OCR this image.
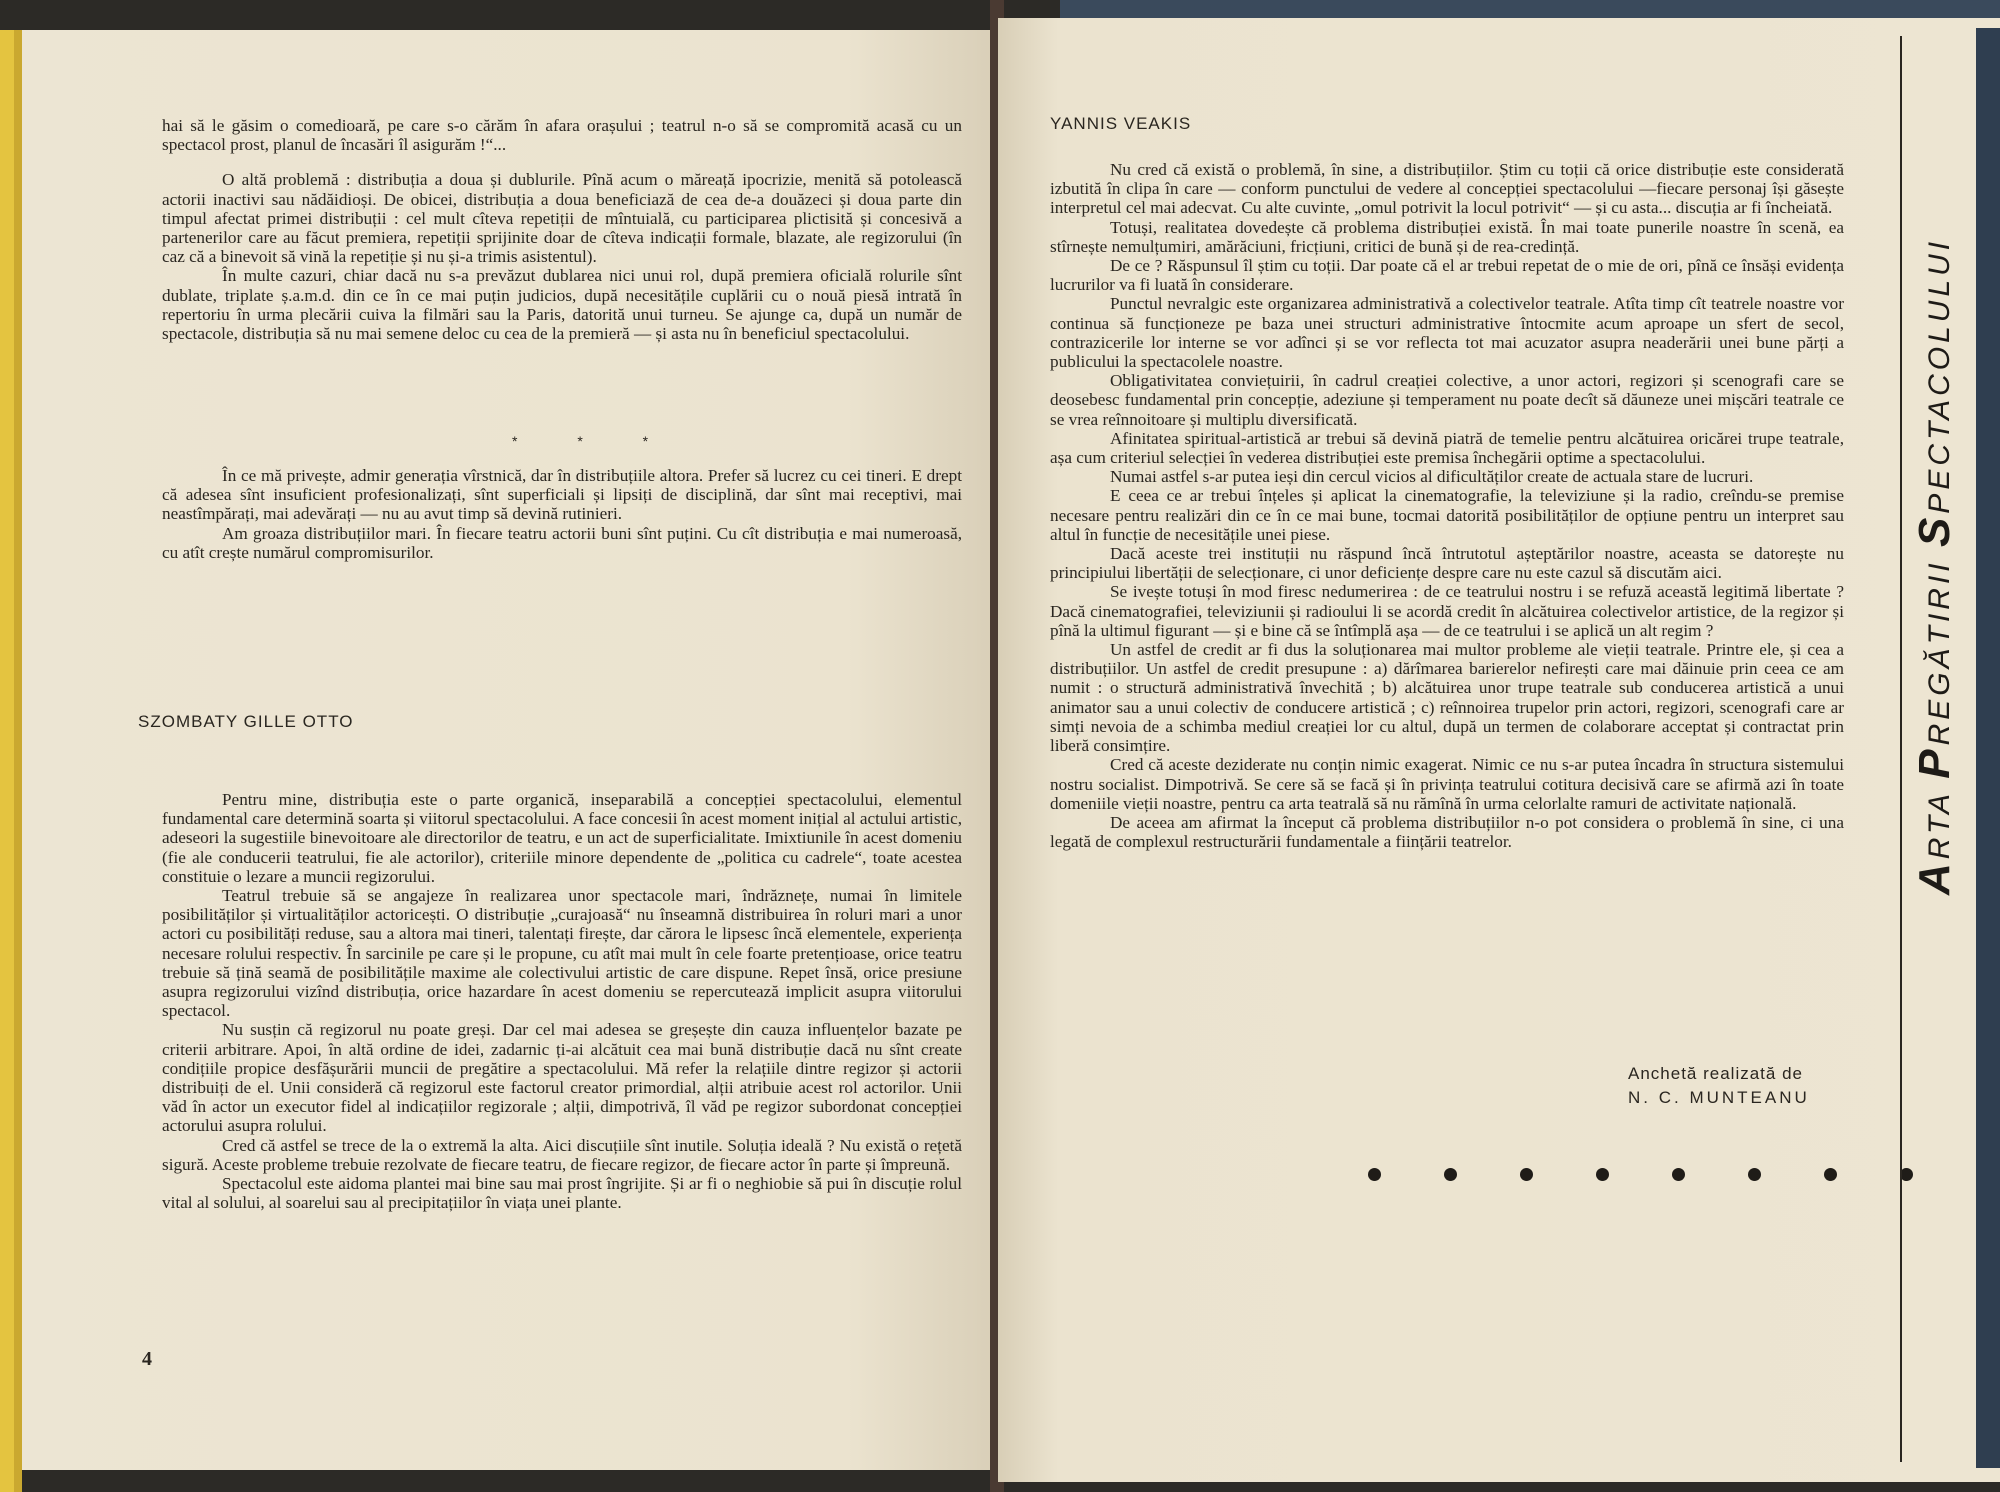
hai să le găsim o comedioară, pe care s-o cărăm în afara orașului ; teatrul n-o să se compromită acasă cu un spectacol prost, planul de încasări îl asigurăm !“...

O altă problemă : distribuția a doua și dublurile. Pînă acum o măreață ipocrizie, menită să potolească actorii inactivi sau nădăidioși. De obicei, distribuția a doua beneficiază de cea de-a douăzeci și doua parte din timpul afectat primei distribuții : cel mult cîteva repetiții de mîntuială, cu participarea plictisită și concesivă a partenerilor care au făcut premiera, repetiții sprijinite doar de cîteva indicații formale, blazate, ale regizorului (în caz că a binevoit să vină la repetiție și nu și-a trimis asistentul).

În multe cazuri, chiar dacă nu s-a prevăzut dublarea nici unui rol, după premiera oficială rolurile sînt dublate, triplate ș.a.m.d. din ce în ce mai puțin judicios, după necesitățile cuplării cu o nouă piesă intrată în repertoriu în urma plecării cuiva la filmări sau la Paris, datorită unui turneu. Se ajunge ca, după un număr de spectacole, distribuția să nu mai semene deloc cu cea de la premieră — și asta nu în beneficiul spectacolului.

* * *

În ce mă privește, admir generația vîrstnică, dar în distribuțiile altora. Prefer să lucrez cu cei tineri. E drept că adesea sînt insuficient profesionalizați, sînt superficiali și lipsiți de disciplină, dar sînt mai receptivi, mai neastîmpărați, mai adevărați — nu au avut timp să devină rutinieri.

Am groaza distribuțiilor mari. În fiecare teatru actorii buni sînt puțini. Cu cît distribuția e mai numeroasă, cu atît crește numărul compromisurilor.

SZOMBATY GILLE OTTO

Pentru mine, distribuția este o parte organică, inseparabilă a concepției spectacolului, elementul fundamental care determină soarta și viitorul spectacolului. A face concesii în acest moment inițial al actului artistic, adeseori la sugestiile binevoitoare ale directorilor de teatru, e un act de superficialitate. Imixtiunile în acest domeniu (fie ale conducerii teatrului, fie ale actorilor), criteriile minore dependente de „politica cu cadrele“, toate acestea constituie o lezare a muncii regizorului.

Teatrul trebuie să se angajeze în realizarea unor spectacole mari, îndrăznețe, numai în limitele posibilităților și virtualităților actoricești. O distribuție „curajoasă“ nu înseamnă distribuirea în roluri mari a unor actori cu posibilități reduse, sau a altora mai tineri, talentați firește, dar cărora le lipsesc încă elementele, experiența necesare rolului respectiv. În sarcinile pe care și le propune, cu atît mai mult în cele foarte pretențioase, orice teatru trebuie să țină seamă de posibilitățile maxime ale colectivului artistic de care dispune. Repet însă, orice presiune asupra regizorului vizînd distribuția, orice hazardare în acest domeniu se repercutează implicit asupra viitorului spectacol.

Nu susțin că regizorul nu poate greși. Dar cel mai adesea se greșește din cauza influențelor bazate pe criterii arbitrare. Apoi, în altă ordine de idei, zadarnic ți-ai alcătuit cea mai bună distribuție dacă nu sînt create condițiile propice desfășurării muncii de pregătire a spectacolului. Mă refer la relațiile dintre regizor și actorii distribuiți de el. Unii consideră că regizorul este factorul creator primordial, alții atribuie acest rol actorilor. Unii văd în actor un executor fidel al indicațiilor regizorale ; alții, dimpotrivă, îl văd pe regizor subordonat concepției actorului asupra rolului.

Cred că astfel se trece de la o extremă la alta. Aici discuțiile sînt inutile. Soluția ideală ? Nu există o rețetă sigură. Aceste probleme trebuie rezolvate de fiecare teatru, de fiecare regizor, de fiecare actor în parte și împreună.

Spectacolul este aidoma plantei mai bine sau mai prost îngrijite. Și ar fi o neghiobie să pui în discuție rolul vital al solului, al soarelui sau al precipitațiilor în viața unei plante.

4
YANNIS VEAKIS

Nu cred că există o problemă, în sine, a distribuțiilor. Știm cu toții că orice distribuție este considerată izbutită în clipa în care — conform punctului de vedere al concepției spectacolului —fiecare personaj își găsește interpretul cel mai adecvat. Cu alte cuvinte, „omul potrivit la locul potrivit“ — și cu asta... discuția ar fi încheiată.

Totuși, realitatea dovedește că problema distribuției există. În mai toate punerile noastre în scenă, ea stîrnește nemulțumiri, amărăciuni, fricțiuni, critici de bună și de rea-credință.

De ce ? Răspunsul îl știm cu toții. Dar poate că el ar trebui repetat de o mie de ori, pînă ce însăși evidența lucrurilor va fi luată în considerare.

Punctul nevralgic este organizarea administrativă a colectivelor teatrale. Atîta timp cît teatrele noastre vor continua să funcționeze pe baza unei structuri administrative întocmite acum aproape un sfert de secol, contrazicerile lor interne se vor adînci și se vor reflecta tot mai acuzator asupra neaderării unei bune părți a publicului la spectacolele noastre.

Obligativitatea conviețuirii, în cadrul creației colective, a unor actori, regizori și scenografi care se deosebesc fundamental prin concepție, adeziune și temperament nu poate decît să dăuneze unei mișcări teatrale ce se vrea reînnoitoare și multiplu diversificată.

Afinitatea spiritual-artistică ar trebui să devină piatră de temelie pentru alcătuirea oricărei trupe teatrale, așa cum criteriul selecției în vederea distribuției este premisa închegării optime a spectacolului.

Numai astfel s-ar putea ieși din cercul vicios al dificultăților create de actuala stare de lucruri.

E ceea ce ar trebui înțeles și aplicat la cinematografie, la televiziune și la radio, creîndu-se premise necesare pentru realizări din ce în ce mai bune, tocmai datorită posibilităților de opțiune pentru un interpret sau altul în funcție de necesitățile unei piese.

Dacă aceste trei instituții nu răspund încă întrutotul așteptărilor noastre, aceasta se datorește nu principiului libertății de selecționare, ci unor deficiențe despre care nu este cazul să discutăm aici.

Se ivește totuși în mod firesc nedumerirea : de ce teatrului nostru i se refuză această legitimă libertate ? Dacă cinematografiei, televiziunii și radioului li se acordă credit în alcătuirea colectivelor artistice, de la regizor și pînă la ultimul figurant — și e bine că se întîmplă așa — de ce teatrului i se aplică un alt regim ?

Un astfel de credit ar fi dus la soluționarea mai multor probleme ale vieții teatrale. Printre ele, și cea a distribuțiilor. Un astfel de credit presupune : a) dărîmarea barierelor nefirești care mai dăinuie prin ceea ce am numit : o structură administrativă învechită ; b) alcătuirea unor trupe teatrale sub conducerea artistică a unui animator sau a unui colectiv de conducere artistică ; c) reînnoirea trupelor prin actori, regizori, scenografi care ar simți nevoia de a schimba mediul creației lor cu altul, după un termen de colaborare acceptat și contractat prin liberă consimțire.

Cred că aceste deziderate nu conțin nimic exagerat. Nimic ce nu s-ar putea încadra în structura sistemului nostru socialist. Dimpotrivă. Se cere să se facă și în privința teatrului cotitura decisivă care se afirmă azi în toate domeniile vieții noastre, pentru ca arta teatrală să nu rămînă în urma celorlalte ramuri de activitate națională.

De aceea am afirmat la început că problema distribuțiilor n-o pot considera o problemă în sine, ci una legată de complexul restructurării fundamentale a ființării teatrelor.

Anchetă realizată de
N. C. MUNTEANU
ARTA PREGĂTIRII SPECTACOLULUI
